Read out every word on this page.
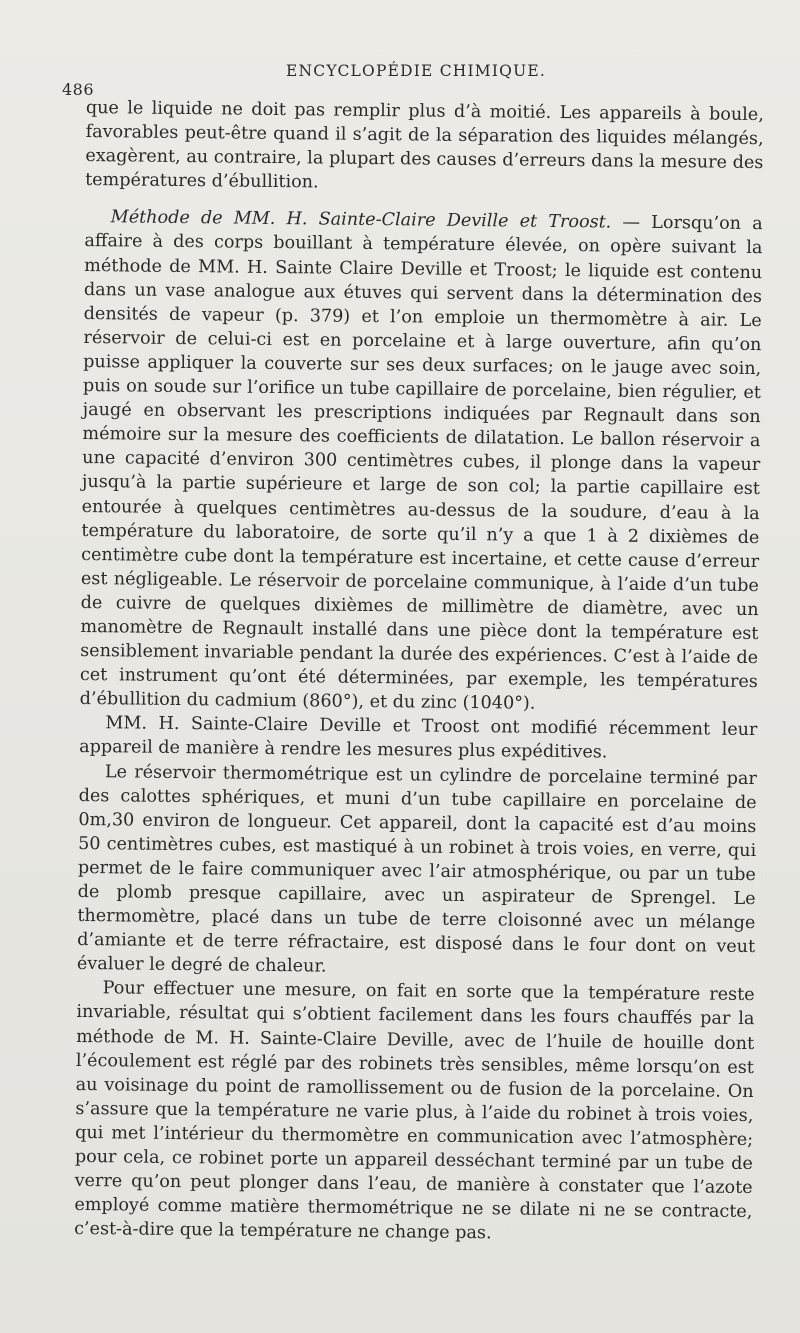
486
ENCYCLOPÉDIE CHIMIQUE.

que le liquide ne doit pas remplir plus d’à moitié. Les appareils à boule, favorables peut-être quand il s’agit de la séparation des liquides mélangés, exagèrent, au contraire, la plupart des causes d’erreurs dans la mesure des températures d’ébullition.

Méthode de MM. H. Sainte-Claire Deville et Troost. — Lorsqu’on a affaire à des corps bouillant à température élevée, on opère suivant la méthode de MM. H. Sainte Claire Deville et Troost; le liquide est contenu dans un vase analogue aux étuves qui servent dans la détermination des densités de vapeur (p. 379) et l’on emploie un thermomètre à air. Le réservoir de celui-ci est en porcelaine et à large ouverture, afin qu’on puisse appliquer la couverte sur ses deux surfaces; on le jauge avec soin, puis on soude sur l’orifice un tube capillaire de porcelaine, bien régulier, et jaugé en observant les prescriptions indiquées par Regnault dans son mémoire sur la mesure des coefficients de dilatation. Le ballon réservoir a une capacité d’environ 300 centimètres cubes, il plonge dans la vapeur jusqu’à la partie supérieure et large de son col; la partie capillaire est entourée à quelques centimètres au-dessus de la soudure, d’eau à la température du laboratoire, de sorte qu’il n’y a que 1 à 2 dixièmes de centimètre cube dont la température est incertaine, et cette cause d’erreur est négligeable. Le réservoir de porcelaine communique, à l’aide d’un tube de cuivre de quelques dixièmes de millimètre de diamètre, avec un manomètre de Regnault installé dans une pièce dont la température est sensiblement invariable pendant la durée des expériences. C’est à l’aide de cet instrument qu’ont été déterminées, par exemple, les températures d’ébullition du cadmium (860°), et du zinc (1040°).

MM. H. Sainte-Claire Deville et Troost ont modifié récemment leur appareil de manière à rendre les mesures plus expéditives.

Le réservoir thermométrique est un cylindre de porcelaine terminé par des calottes sphériques, et muni d’un tube capillaire en porcelaine de 0m,30 environ de longueur. Cet appareil, dont la capacité est d’au moins 50 centimètres cubes, est mastiqué à un robinet à trois voies, en verre, qui permet de le faire communiquer avec l’air atmosphérique, ou par un tube de plomb presque capillaire, avec un aspirateur de Sprengel. Le thermomètre, placé dans un tube de terre cloisonné avec un mélange d’amiante et de terre réfractaire, est disposé dans le four dont on veut évaluer le degré de chaleur.

Pour effectuer une mesure, on fait en sorte que la température reste invariable, résultat qui s’obtient facilement dans les fours chauffés par la méthode de M. H. Sainte-Claire Deville, avec de l’huile de houille dont l’écoulement est réglé par des robinets très sensibles, même lorsqu’on est au voisinage du point de ramollissement ou de fusion de la porcelaine. On s’assure que la température ne varie plus, à l’aide du robinet à trois voies, qui met l’intérieur du thermomètre en communication avec l’atmosphère; pour cela, ce robinet porte un appareil desséchant terminé par un tube de verre qu’on peut plonger dans l’eau, de manière à constater que l’azote employé comme matière thermométrique ne se dilate ni ne se contracte, c’est-à-dire que la température ne change pas.
